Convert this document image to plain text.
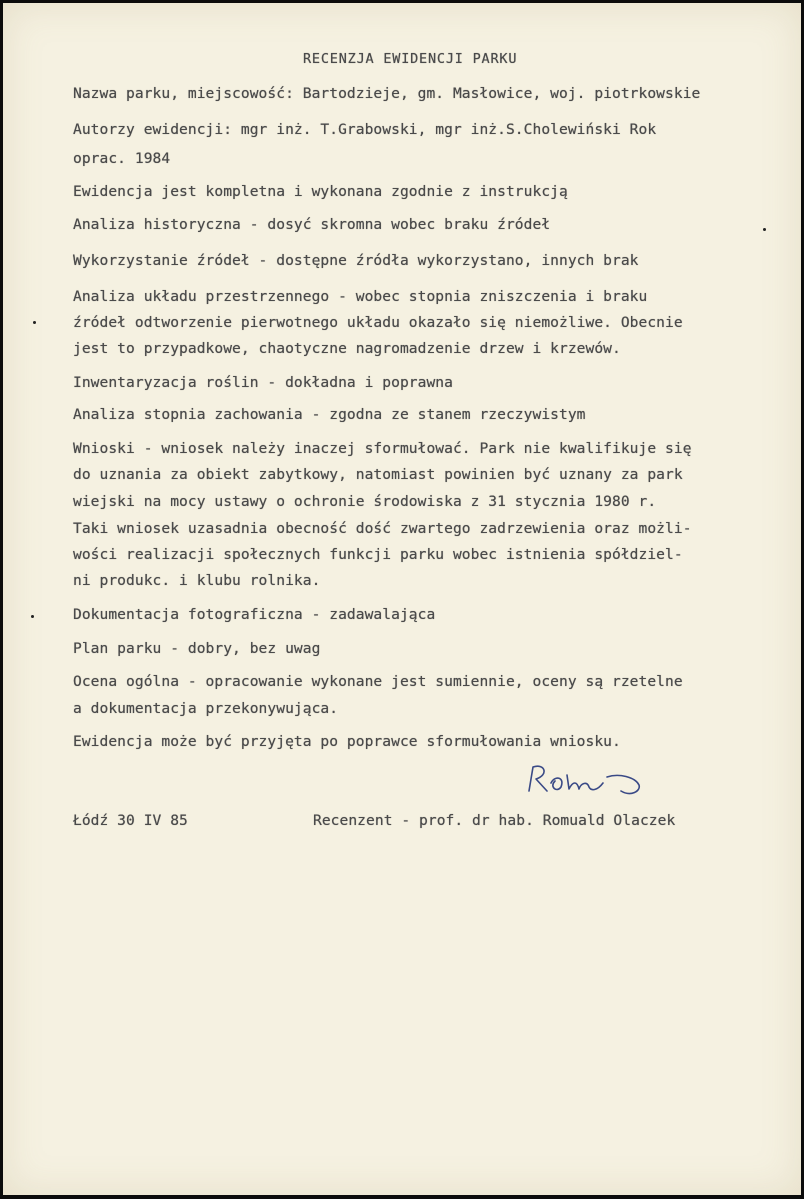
RECENZJA EWIDENCJI PARKU

Nazwa parku, miejscowość: Bartodzieje, gm. Masłowice, woj. piotrkowskie

Autorzy ewidencji: mgr inż. T.Grabowski, mgr inż.S.Cholewiński Rok

oprac. 1984

Ewidencja jest kompletna i wykonana zgodnie z instrukcją

Analiza historyczna - dosyć skromna wobec braku źródeł

Wykorzystanie źródeł - dostępne źródła wykorzystano, innych brak

Analiza układu przestrzennego - wobec stopnia zniszczenia i braku

źródeł odtworzenie pierwotnego układu okazało się niemożliwe. Obecnie

jest to przypadkowe, chaotyczne nagromadzenie drzew i krzewów.

Inwentaryzacja roślin - dokładna i poprawna

Analiza stopnia zachowania - zgodna ze stanem rzeczywistym

Wnioski - wniosek należy inaczej sformułować. Park nie kwalifikuje się

do uznania za obiekt zabytkowy, natomiast powinien być uznany za park

wiejski na mocy ustawy o ochronie środowiska z 31 stycznia 1980 r.

Taki wniosek uzasadnia obecność dość zwartego zadrzewienia oraz możli-

wości realizacji społecznych funkcji parku wobec istnienia spółdziel-

ni produkc. i klubu rolnika.

Dokumentacja fotograficzna - zadawalająca

Plan parku - dobry, bez uwag

Ocena ogólna - opracowanie wykonane jest sumiennie, oceny są rzetelne

a dokumentacja przekonywująca.

Ewidencja może być przyjęta po poprawce sformułowania wniosku.

Łódź 30 IV 85	Recenzent - prof. dr hab. Romuald Olaczek
